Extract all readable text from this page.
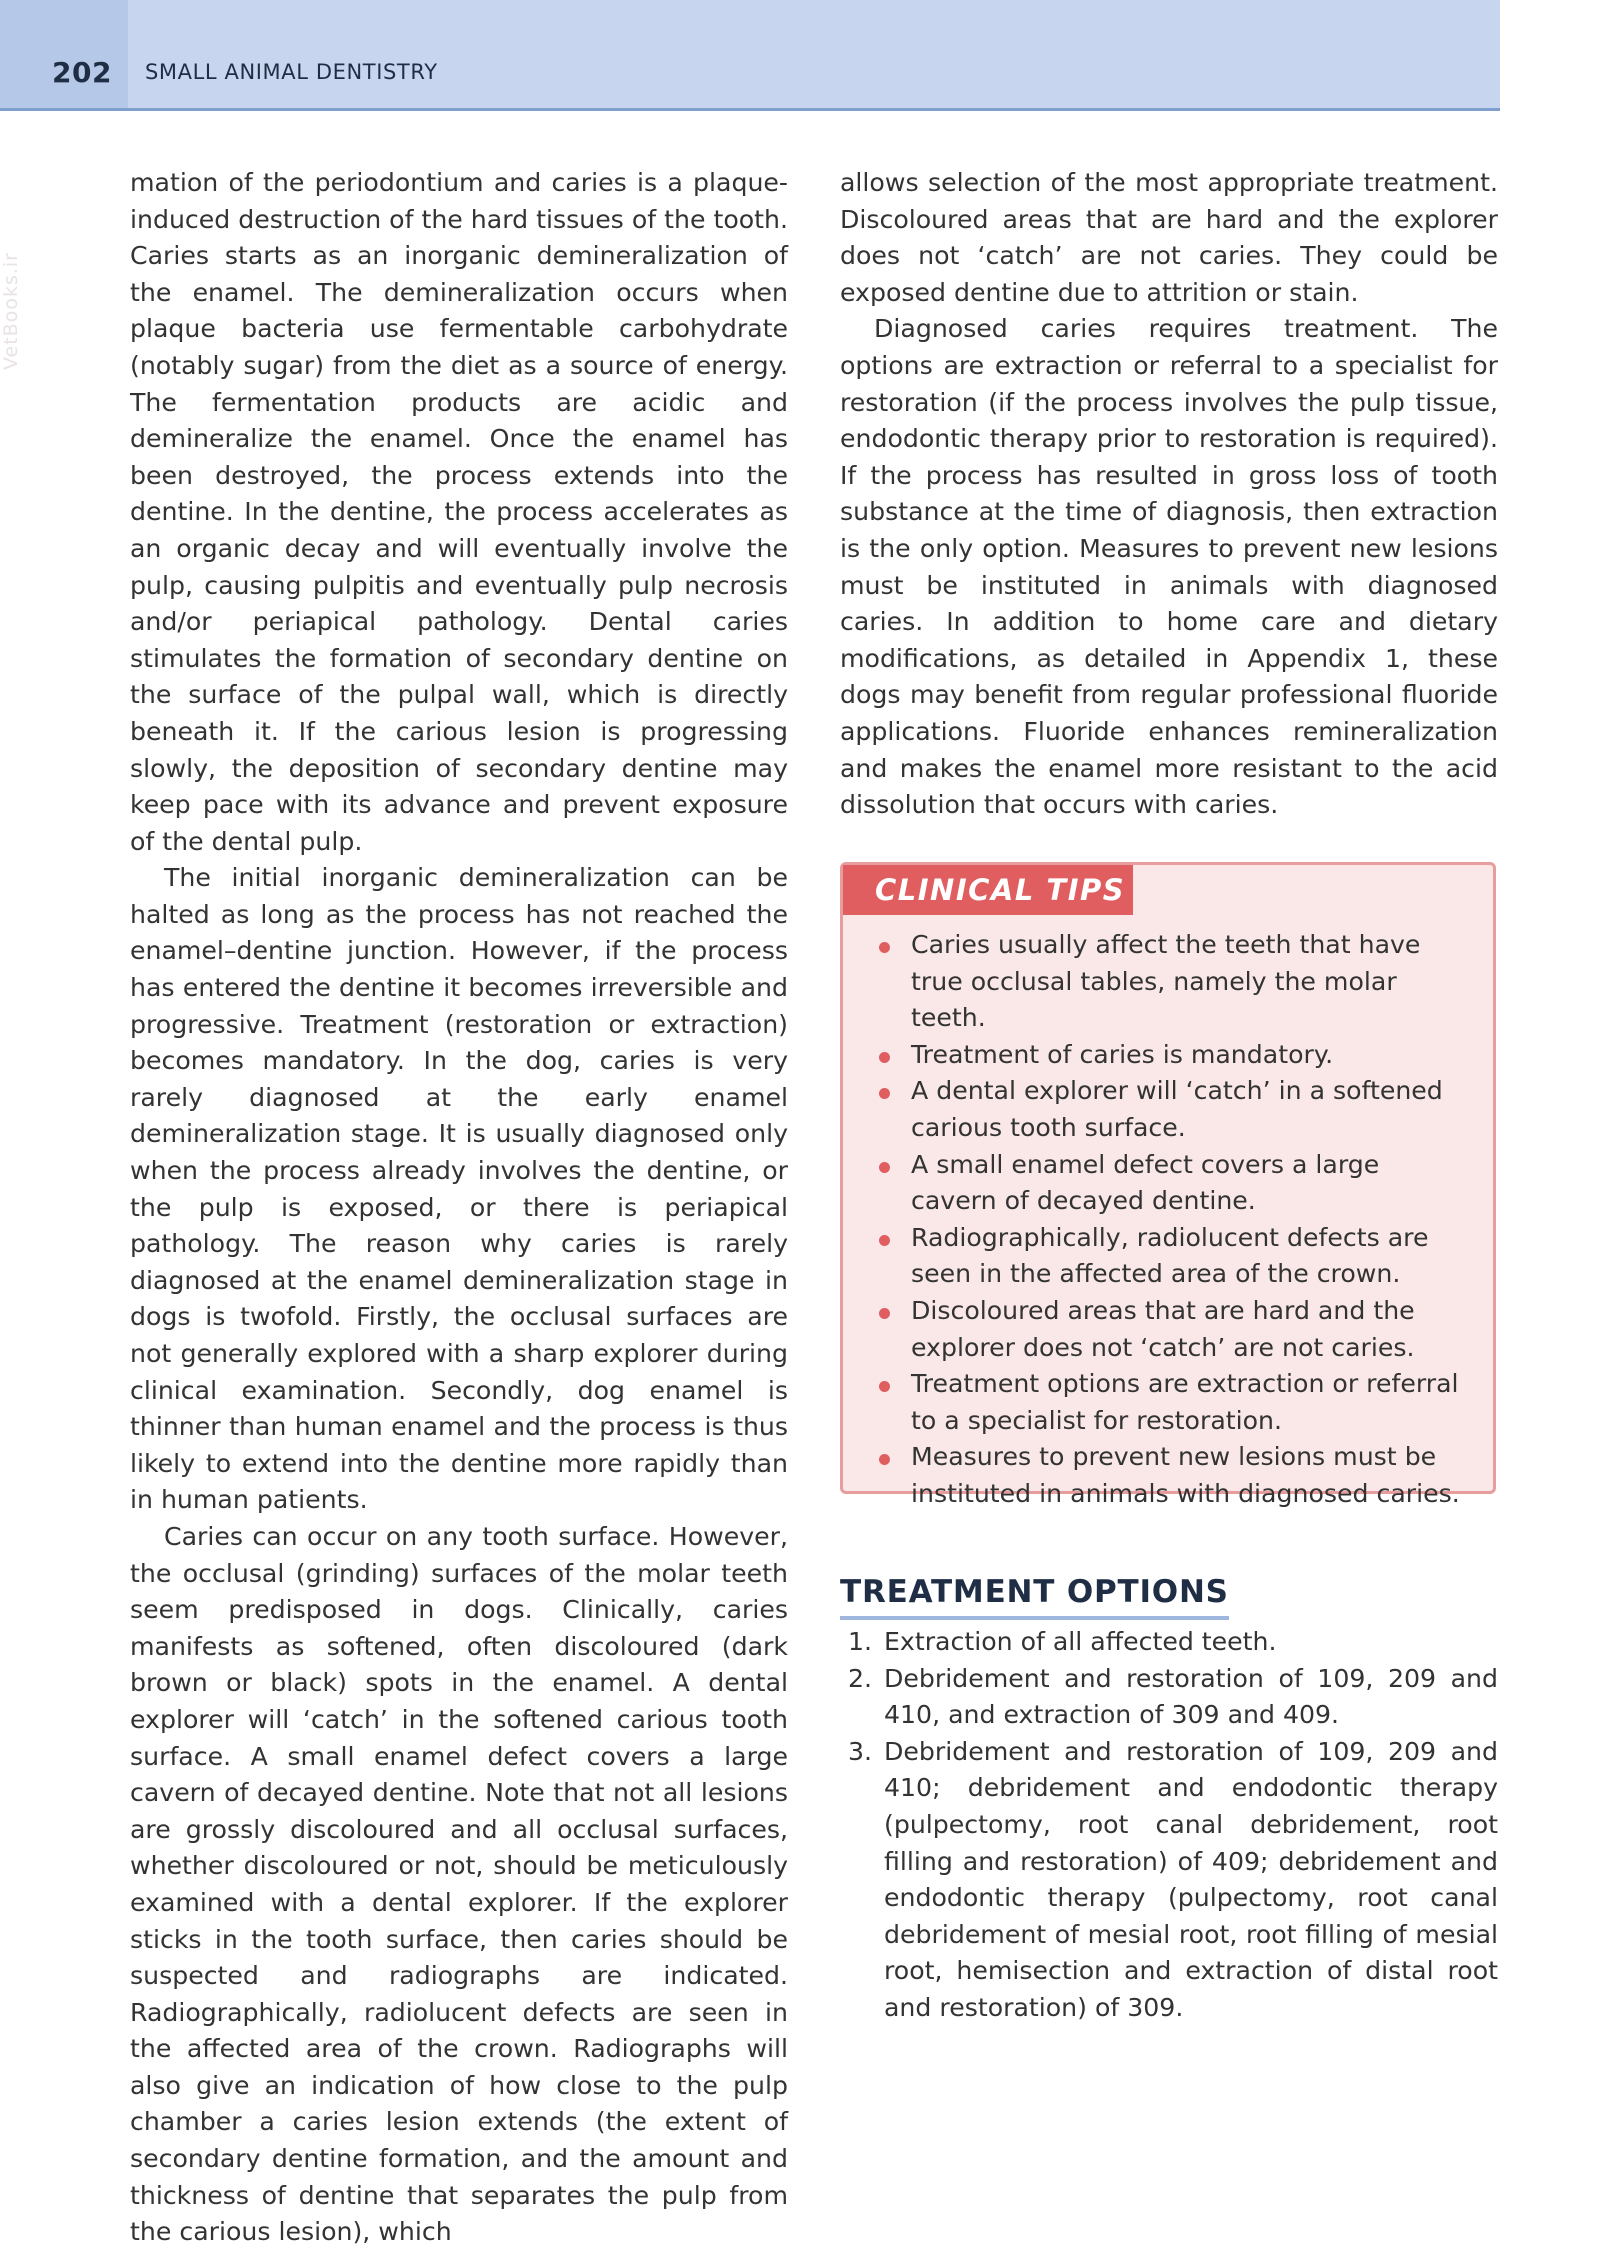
202 SMALL ANIMAL DENTISTRY
VetBooks.ir

mation of the periodontium and caries is a plaque-induced destruction of the hard tissues of the tooth. Caries starts as an inorganic demineralization of the enamel. The demineralization occurs when plaque bacteria use fermentable carbohydrate (notably sugar) from the diet as a source of energy. The fermentation products are acidic and demineralize the enamel. Once the enamel has been destroyed, the process extends into the dentine. In the dentine, the process accelerates as an organic decay and will eventually involve the pulp, causing pulpitis and eventually pulp necrosis and/or periapical pathology. Dental caries stimulates the formation of secondary dentine on the surface of the pulpal wall, which is directly beneath it. If the carious lesion is progressing slowly, the deposition of secondary dentine may keep pace with its advance and prevent exposure of the dental pulp.

The initial inorganic demineralization can be halted as long as the process has not reached the enamel–dentine junction. However, if the process has entered the dentine it becomes irreversible and progressive. Treatment (restoration or extraction) becomes mandatory. In the dog, caries is very rarely diagnosed at the early enamel demineralization stage. It is usually diagnosed only when the process already involves the dentine, or the pulp is exposed, or there is periapical pathology. The reason why caries is rarely diagnosed at the enamel demineralization stage in dogs is twofold. Firstly, the occlusal surfaces are not generally explored with a sharp explorer during clinical examination. Secondly, dog enamel is thinner than human enamel and the process is thus likely to extend into the dentine more rapidly than in human patients.

Caries can occur on any tooth surface. However, the occlusal (grinding) surfaces of the molar teeth seem predisposed in dogs. Clinically, caries manifests as softened, often discoloured (dark brown or black) spots in the enamel. A dental explorer will ‘catch’ in the softened carious tooth surface. A small enamel defect covers a large cavern of decayed dentine. Note that not all lesions are grossly discoloured and all occlusal surfaces, whether discoloured or not, should be meticulously examined with a dental explorer. If the explorer sticks in the tooth surface, then caries should be suspected and radiographs are indicated. Radiographically, radiolucent defects are seen in the affected area of the crown. Radiographs will also give an indication of how close to the pulp chamber a caries lesion extends (the extent of secondary dentine formation, and the amount and thickness of dentine that separates the pulp from the carious lesion), which

allows selection of the most appropriate treatment. Discoloured areas that are hard and the explorer does not ‘catch’ are not caries. They could be exposed dentine due to attrition or stain.

Diagnosed caries requires treatment. The options are extraction or referral to a specialist for restoration (if the process involves the pulp tissue, endodontic therapy prior to restoration is required). If the process has resulted in gross loss of tooth substance at the time of diagnosis, then extraction is the only option. Measures to prevent new lesions must be instituted in animals with diagnosed caries. In addition to home care and dietary modifications, as detailed in Appendix 1, these dogs may benefit from regular professional fluoride applications. Fluoride enhances remineralization and makes the enamel more resistant to the acid dissolution that occurs with caries.

CLINICAL TIPS
Caries usually affect the teeth that have true occlusal tables, namely the molar teeth.
Treatment of caries is mandatory.
A dental explorer will ‘catch’ in a softened carious tooth surface.
A small enamel defect covers a large cavern of decayed dentine.
Radiographically, radiolucent defects are seen in the affected area of the crown.
Discoloured areas that are hard and the explorer does not ‘catch’ are not caries.
Treatment options are extraction or referral to a specialist for restoration.
Measures to prevent new lesions must be instituted in animals with diagnosed caries.
TREATMENT OPTIONS
1. Extraction of all affected teeth.
2. Debridement and restoration of 109, 209 and 410, and extraction of 309 and 409.
3. Debridement and restoration of 109, 209 and 410; debridement and endodontic therapy (pulpectomy, root canal debridement, root filling and restoration) of 409; debridement and endodontic therapy (pulpectomy, root canal debridement of mesial root, root filling of mesial root, hemisection and extraction of distal root and restoration) of 309.
